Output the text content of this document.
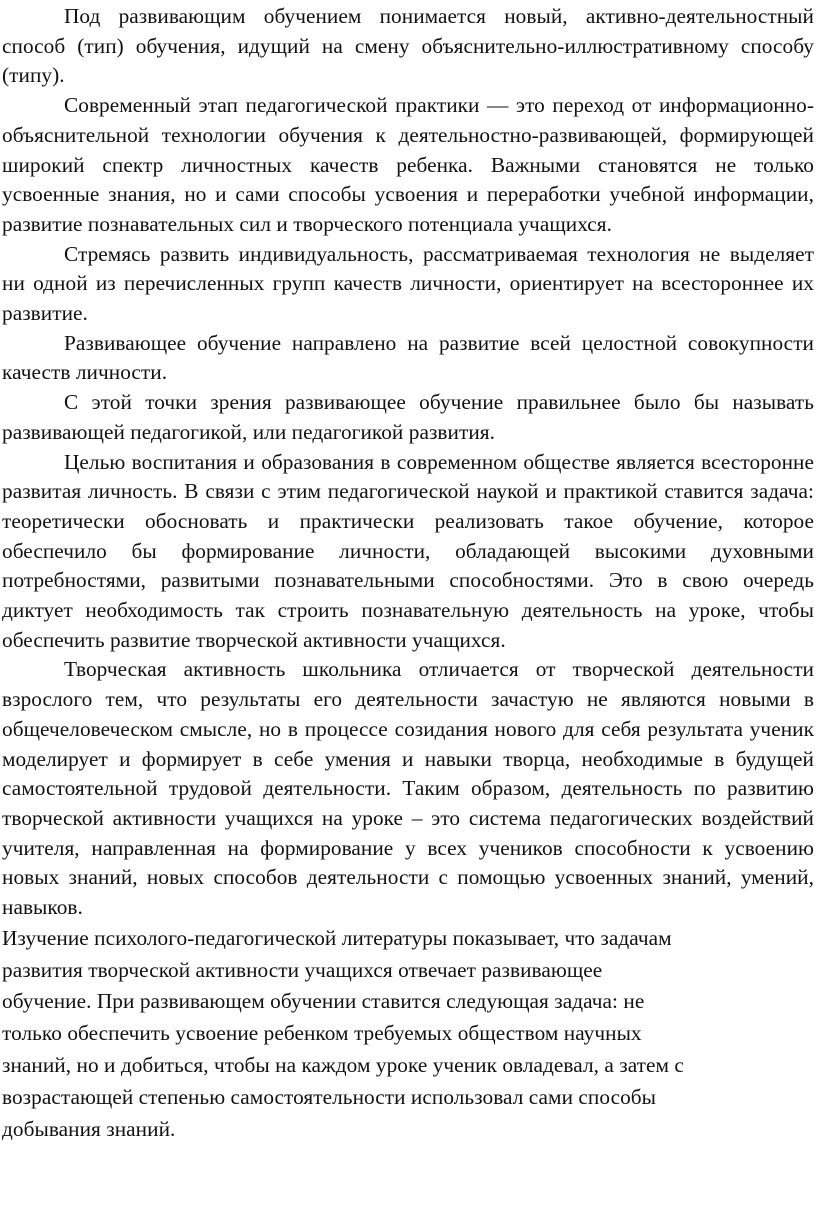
Под развивающим обучением понимается новый, активно-деятельностный способ (тип) обучения, идущий на смену объяснительно-иллюстративному способу (типу).

Современный этап педагогической практики — это переход от информационно-объяснительной технологии обучения к деятельностно-развивающей, формирующей широкий спектр личностных качеств ребенка. Важными становятся не только усвоенные знания, но и сами способы усвоения и переработки учебной информации, развитие познавательных сил и творческого потенциала учащихся.

Стремясь развить индивидуальность, рассматриваемая технология не выделяет ни одной из перечисленных групп качеств личности, ориентирует на всестороннее их развитие.

Развивающее обучение направлено на развитие всей целостной совокупности качеств личности.

С этой точки зрения развивающее обучение правильнее было бы называть развивающей педагогикой, или педагогикой развития.

Целью воспитания и образования в современном обществе является всесторонне развитая личность. В связи с этим педагогической наукой и практикой ставится задача: теоретически обосновать и практически реализовать такое обучение, которое обеспечило бы формирование личности, обладающей высокими духовными потребностями, развитыми познавательными способностями. Это в свою очередь диктует необходимость так строить познавательную деятельность на уроке, чтобы обеспечить развитие творческой активности учащихся.

Творческая активность школьника отличается от творческой деятельности взрослого тем, что результаты его деятельности зачастую не являются новыми в общечеловеческом смысле, но в процессе созидания нового для себя результата ученик моделирует и формирует в себе умения и навыки творца, необходимые в будущей самостоятельной трудовой деятельности. Таким образом, деятельность по развитию творческой активности учащихся на уроке – это система педагогических воздействий учителя, направленная на формирование у всех учеников способности к усвоению новых знаний, новых способов деятельности с помощью усвоенных знаний, умений, навыков.

Изучение психолого-педагогической литературы показывает, что задачам
развития творческой активности учащихся отвечает развивающее
обучение. При развивающем обучении ставится следующая задача: не
только обеспечить усвоение ребенком требуемых обществом научных
знаний, но и добиться, чтобы на каждом уроке ученик овладевал, а затем с
возрастающей степенью самостоятельности использовал сами способы
добывания знаний.
